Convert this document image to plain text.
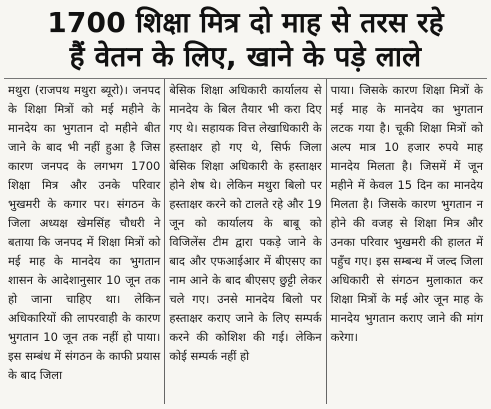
1700 शिक्षा मित्र दो माह से तरस रहे
हैं वेतन के लिए, खाने के पड़े लाले

मथुरा (राजपथ मथुरा ब्यूरो)। जनपद के शिक्षा मित्रों को मई महीने के मानदेय का भुगतान दो महीने बीत जाने के बाद भी नहीं हुआ है जिस कारण जनपद के लगभग 1700 शिक्षा मित्र और उनके परिवार भुखमरी के कगार पर। संगठन के जिला अध्यक्ष खेमसिंह चौधरी ने बताया कि जनपद में शिक्षा मित्रों को मई माह के मानदेय का भुगतान शासन के आदेशानुसार 10 जून तक हो जाना चाहिए था। लेकिन अधिकारियों की लापरवाही के कारण भुगतान 10 जून तक नहीं हो पाया। इस सम्बंध में संगठन के काफी प्रयास के बाद जिला

बेसिक शिक्षा अधिकारी कार्यालय से मानदेय के बिल तैयार भी करा दिए गए थे। सहायक वित्त लेखाधिकारी के हस्ताक्षर हो गए थे, सिर्फ जिला बेसिक शिक्षा अधिकारी के हस्ताक्षर होने शेष थे। लेकिन मथुरा बिलो पर हस्ताक्षर करने को टालते रहे और 19 जून को कार्यालय के बाबू को विजिलेंस टीम द्वारा पकड़े जाने के बाद और एफआईआर में बीएसए का नाम आने के बाद बीएसए छुट्टी लेकर चले गए। उनसे मानदेय बिलो पर हस्ताक्षर कराए जाने के लिए सम्पर्क करने की कोशिश की गई। लेकिन कोई सम्पर्क नहीं हो

पाया। जिसके कारण शिक्षा मित्रों के मई माह के मानदेय का भुगतान लटक गया है। चूकी शिक्षा मित्रों को अल्प मात्र 10 हजार रुपये माह मानदेय मिलता है। जिसमें में जून महीने में केवल 15 दिन का मानदेय मिलता है। जिसके कारण भुगतान न होने की वजह से शिक्षा मित्र और उनका परिवार भुखमरी की हालत में पहुँच गए। इस सम्बन्ध में जल्द जिला अधिकारी से संगठन मुलाकात कर शिक्षा मित्रों के मई ओर जून माह के मानदेय भुगतान कराए जाने की मांग करेगा।
